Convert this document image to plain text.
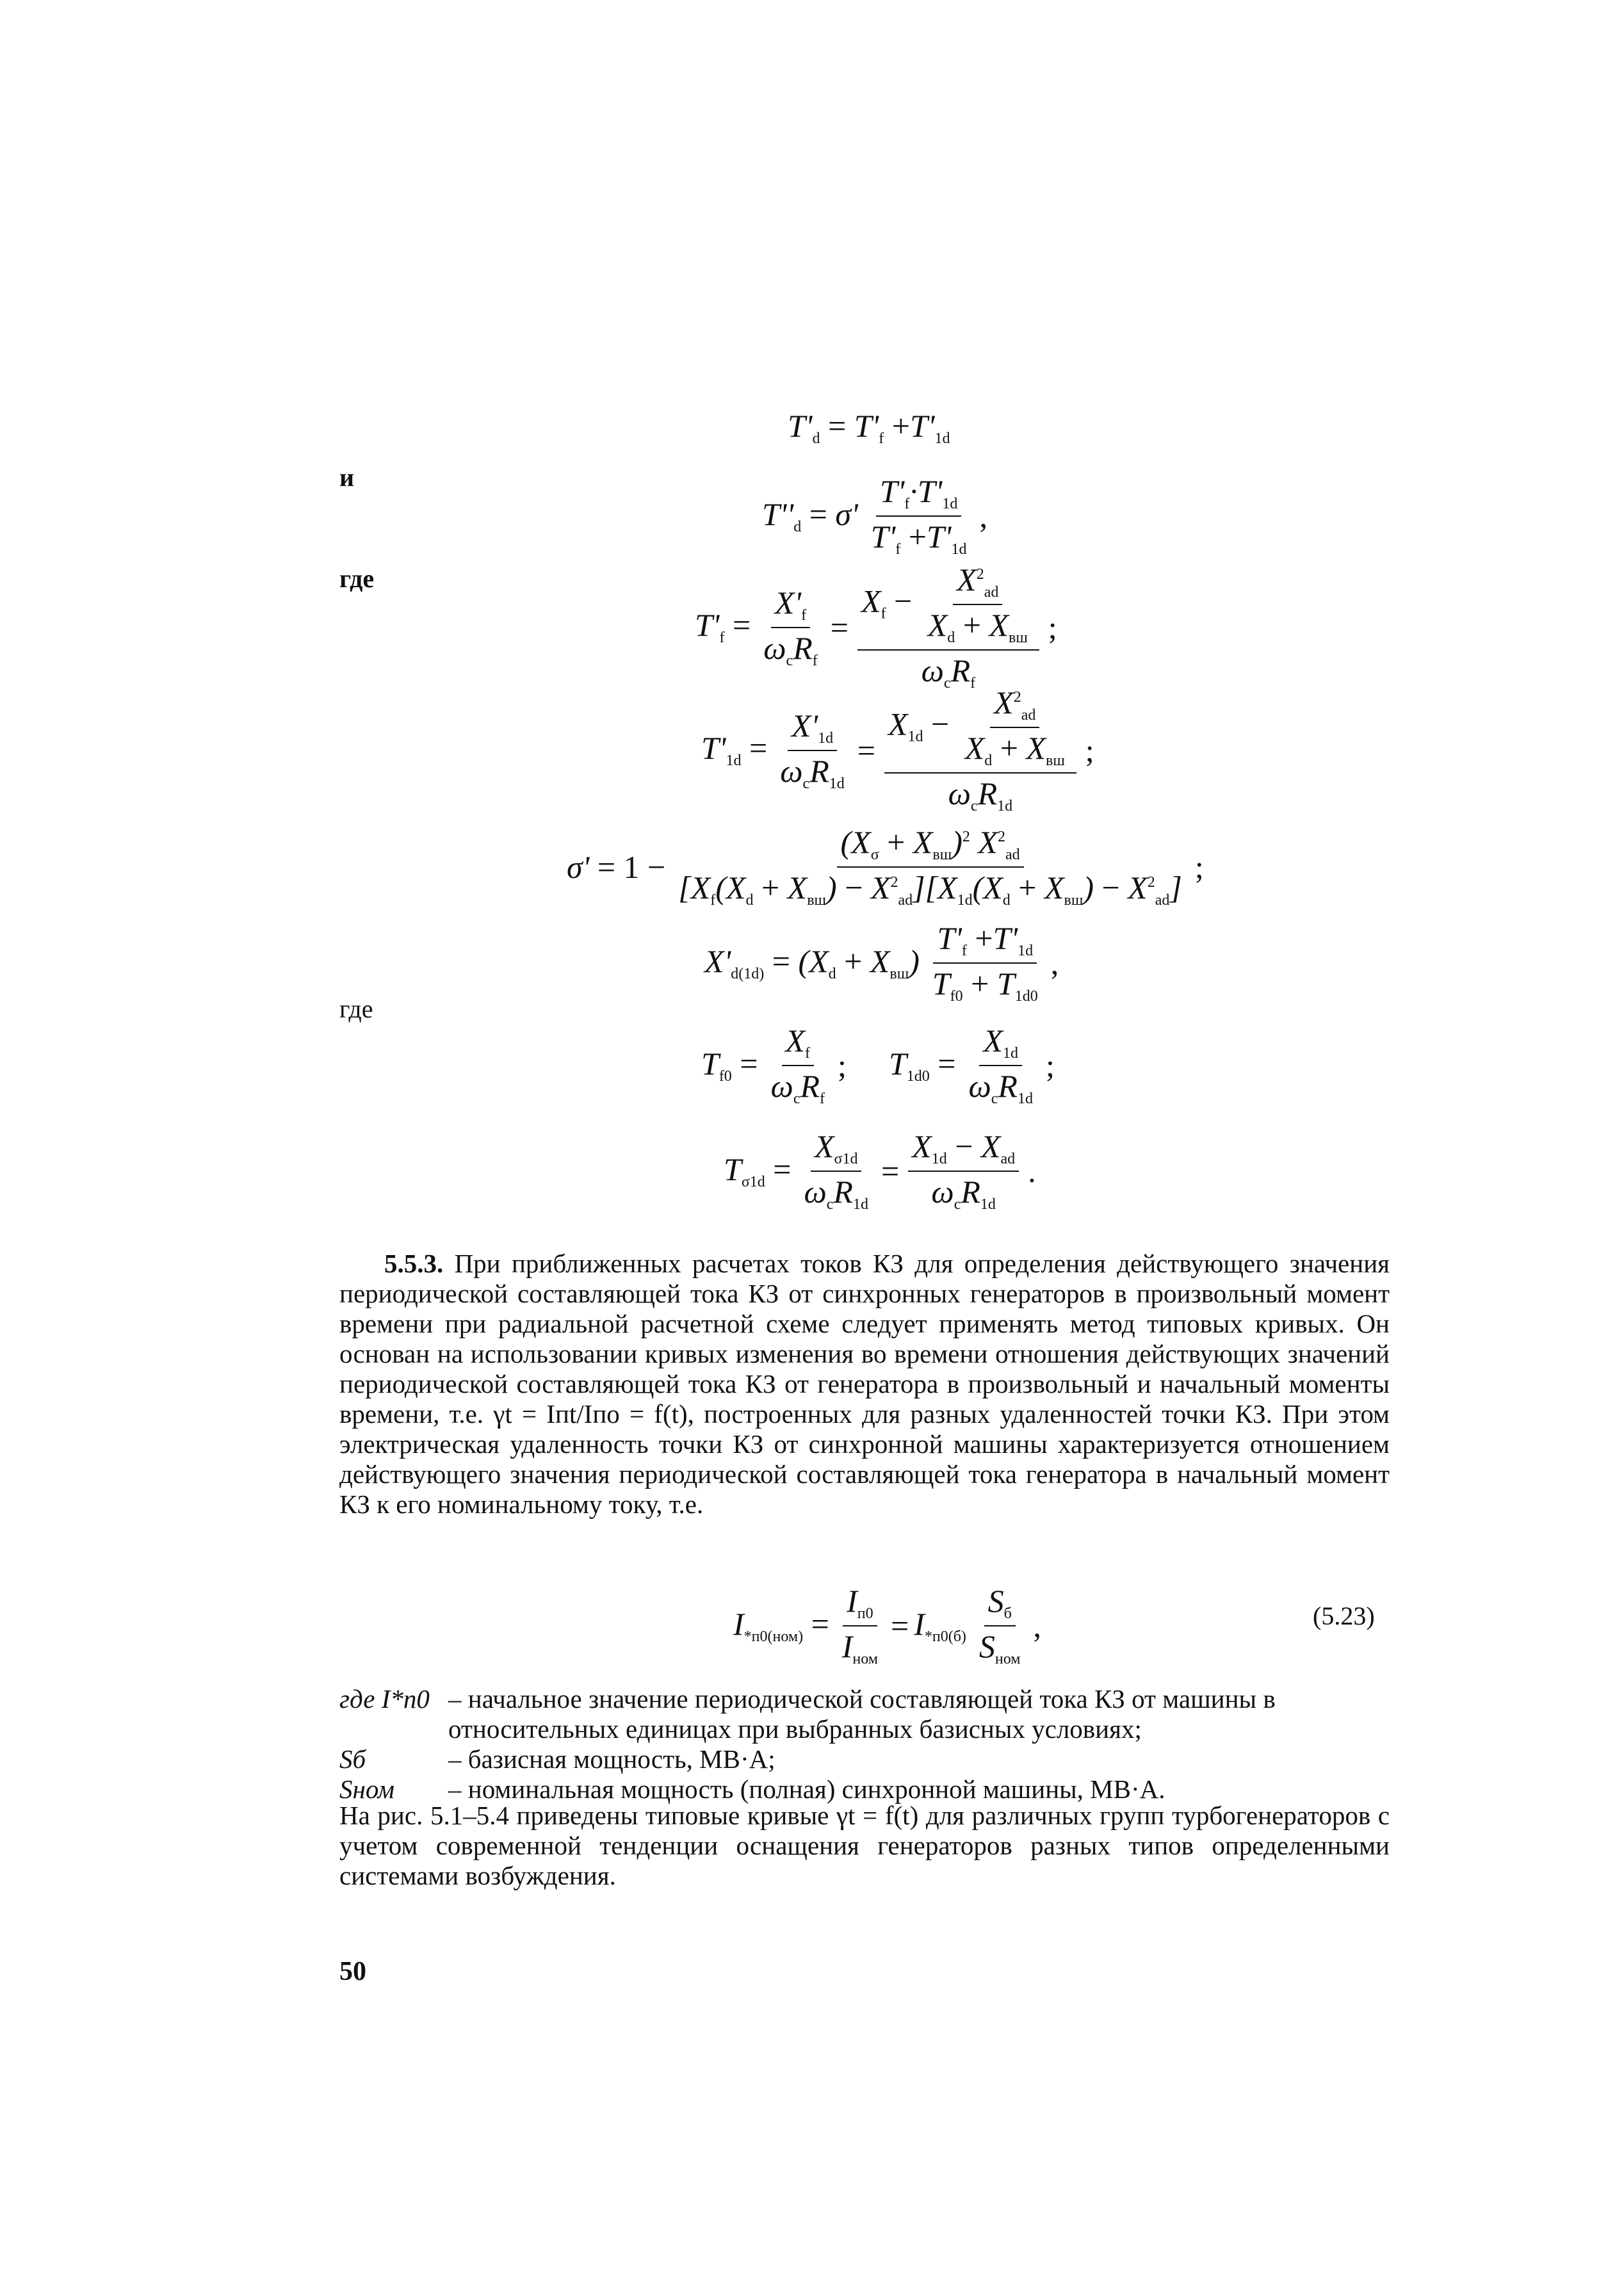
и
где
где
$T'_d = T'_f +T'_{1d}$
$T''_d = \sigma' \frac{T'_f\cdot T'_{1d}}{T'_f +T'_{1d}}$ ,
$T'_f = \frac{X'_f}{\omega_cR_f} = \frac{X_f - \frac{X^2_{ad}}{X_d + X_{вш}}}{\omega_cR_f}$ ;
$T'_{1d} = \frac{X'_{1d}}{\omega_cR_{1d}} = \frac{X_{1d} - \frac{X^2_{ad}}{X_d + X_{вш}}}{\omega_cR_{1d}}$ ;
$\sigma' = 1 - \frac{(X_\sigma + X_{вш})^2 X^2_{ad}}{[X_f(X_d + X_{вш}) - X^2_{ad}][X_{1d}(X_d + X_{вш}) - X^2_{ad}]}$ ;
$X'_{d(1d)} = (X_d + X_{вш}) \frac{T'_f +T'_{1d}}{T_{f0} + T_{1d0}}$ ,
$T_{f0} = \frac{X_f}{\omega_cR_f}$ ; $T_{1d0} = \frac{X_{1d}}{\omega_cR_{1d}}$ ;
$T_{\sigma 1d} = \frac{X_{\sigma 1d}}{\omega_cR_{1d}} = \frac{X_{1d} - X_{ad}}{\omega_cR_{1d}}$ .
5.5.3. При приближенных расчетах токов КЗ для определения действующего значения периодической составляющей тока КЗ от синхронных генераторов в произвольный момент времени при радиальной расчетной схеме следует применять метод типовых кривых. Он основан на использовании кривых изменения во времени отношения действующих значений периодической составляющей тока КЗ от генератора в произвольный и начальный моменты времени, т.е. γt = Iпt/Iпо = f(t), построенных для разных удаленностей точки КЗ. При этом электрическая удаленность точки КЗ от синхронной машины характеризуется отношением действующего значения периодической составляющей тока генератора в начальный момент КЗ к его номинальному току, т.е.
$I_{*п0(ном)} = \frac{I_{п0}}{I_{ном}} = I_{*п0(б)} \frac{S_б}{S_{ном}}$ ,	(5.23)
где I*п0 – начальное значение периодической составляющей тока КЗ от машины в относительных единицах при выбранных базисных условиях;
Sб	– базисная мощность, МВ·А;
Sном	– номинальная мощность (полная) синхронной машины, МВ·А.
На рис. 5.1–5.4 приведены типовые кривые γt = f(t) для различных групп турбогенераторов с учетом современной тенденции оснащения генераторов разных типов определенными системами возбуждения.
50
